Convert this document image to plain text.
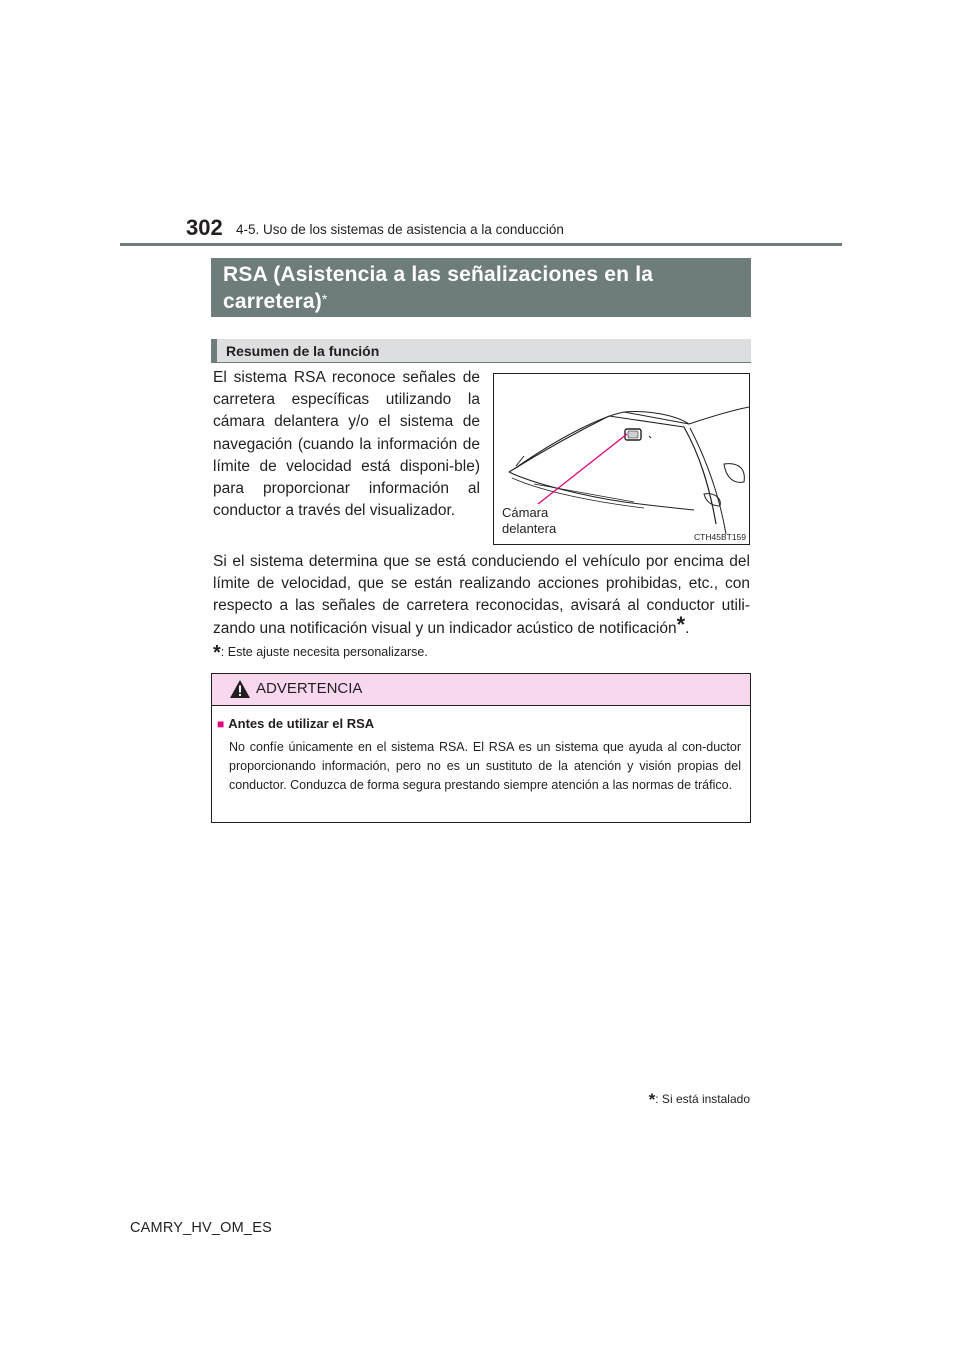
302 4-5. Uso de los sistemas de asistencia a la conducción
RSA (Asistencia a las señalizaciones en la carretera)*
Resumen de la función
El sistema RSA reconoce señales de carretera específicas utilizando la cámara delantera y/o el sistema de navegación (cuando la información de límite de velocidad está disponi-ble) para proporcionar información al conductor a través del visualizador.	Cámara
delantera
CTH45BT159
Si el sistema determina que se está conduciendo el vehículo por encima del límite de velocidad, que se están realizando acciones prohibidas, etc., con respecto a las señales de carretera reconocidas, avisará al conductor utili-zando una notificación visual y un indicador acústico de notificación*.
*: Este ajuste necesita personalizarse.
ADVERTENCIA
■ Antes de utilizar el RSA
No confíe únicamente en el sistema RSA. El RSA es un sistema que ayuda al con-ductor proporcionando información, pero no es un sustituto de la atención y visión propias del conductor. Conduzca de forma segura prestando siempre atención a las normas de tráfico.
*: Si está instalado
CAMRY_HV_OM_ES
